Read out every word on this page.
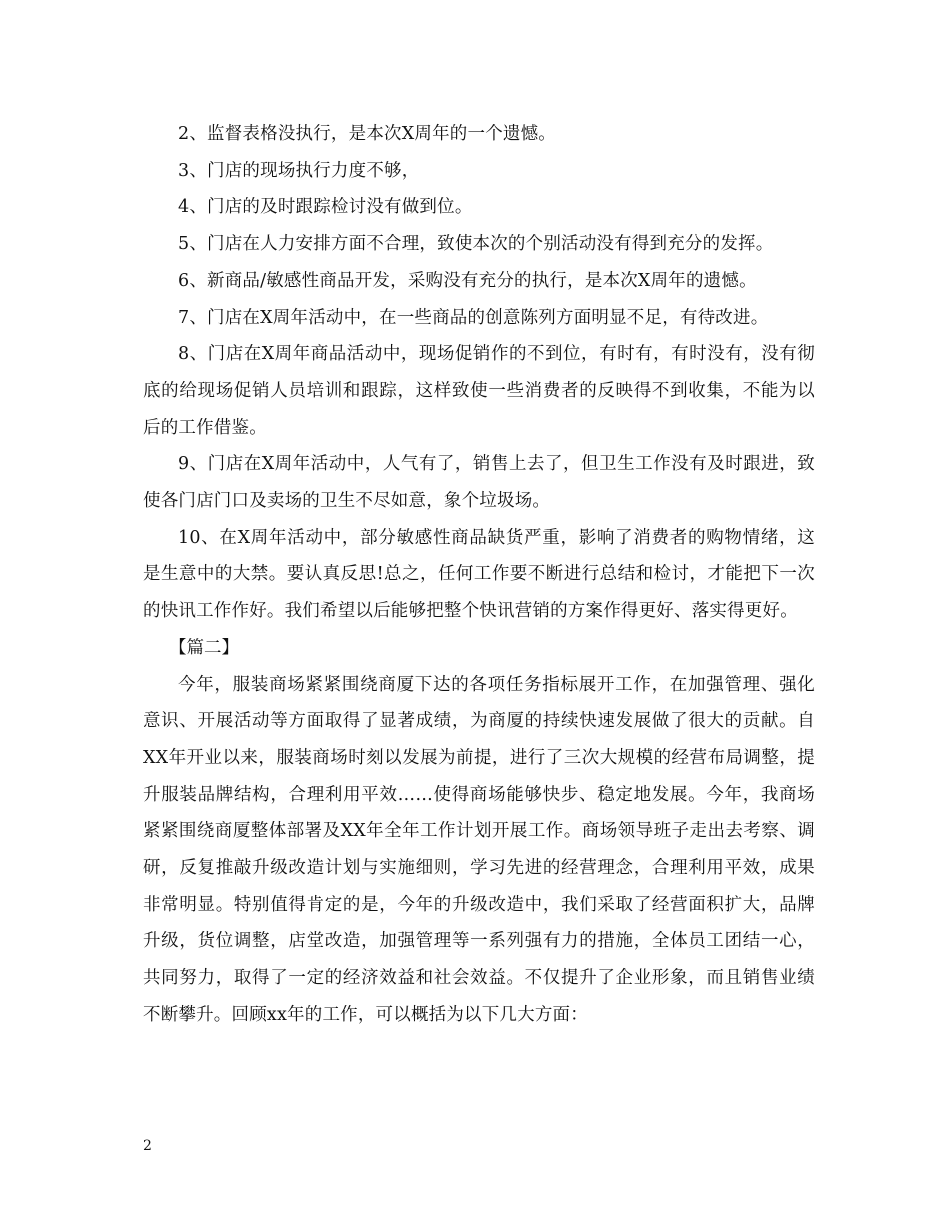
2、监督表格没执行，是本次X周年的一个遗憾。

3、门店的现场执行力度不够，

4、门店的及时跟踪检讨没有做到位。

5、门店在人力安排方面不合理，致使本次的个别活动没有得到充分的发挥。

6、新商品/敏感性商品开发，采购没有充分的执行，是本次X周年的遗憾。

7、门店在X周年活动中，在一些商品的创意陈列方面明显不足，有待改进。

8、门店在X周年商品活动中，现场促销作的不到位，有时有，有时没有，没有彻底的给现场促销人员培训和跟踪，这样致使一些消费者的反映得不到收集，不能为以后的工作借鉴。

9、门店在X周年活动中，人气有了，销售上去了，但卫生工作没有及时跟进，致使各门店门口及卖场的卫生不尽如意，象个垃圾场。

10、在X周年活动中，部分敏感性商品缺货严重，影响了消费者的购物情绪，这是生意中的大禁。要认真反思!总之，任何工作要不断进行总结和检讨，才能把下一次的快讯工作作好。我们希望以后能够把整个快讯营销的方案作得更好、落实得更好。

【篇二】

今年，服装商场紧紧围绕商厦下达的各项任务指标展开工作，在加强管理、强化意识、开展活动等方面取得了显著成绩，为商厦的持续快速发展做了很大的贡献。自XX年开业以来，服装商场时刻以发展为前提，进行了三次大规模的经营布局调整，提升服装品牌结构，合理利用平效……使得商场能够快步、稳定地发展。今年，我商场紧紧围绕商厦整体部署及XX年全年工作计划开展工作。商场领导班子走出去考察、调研，反复推敲升级改造计划与实施细则，学习先进的经营理念，合理利用平效，成果非常明显。特别值得肯定的是，今年的升级改造中，我们采取了经营面积扩大，品牌升级，货位调整，店堂改造，加强管理等一系列强有力的措施，全体员工团结一心，共同努力，取得了一定的经济效益和社会效益。不仅提升了企业形象，而且销售业绩不断攀升。回顾xx年的工作，可以概括为以下几大方面：

2
